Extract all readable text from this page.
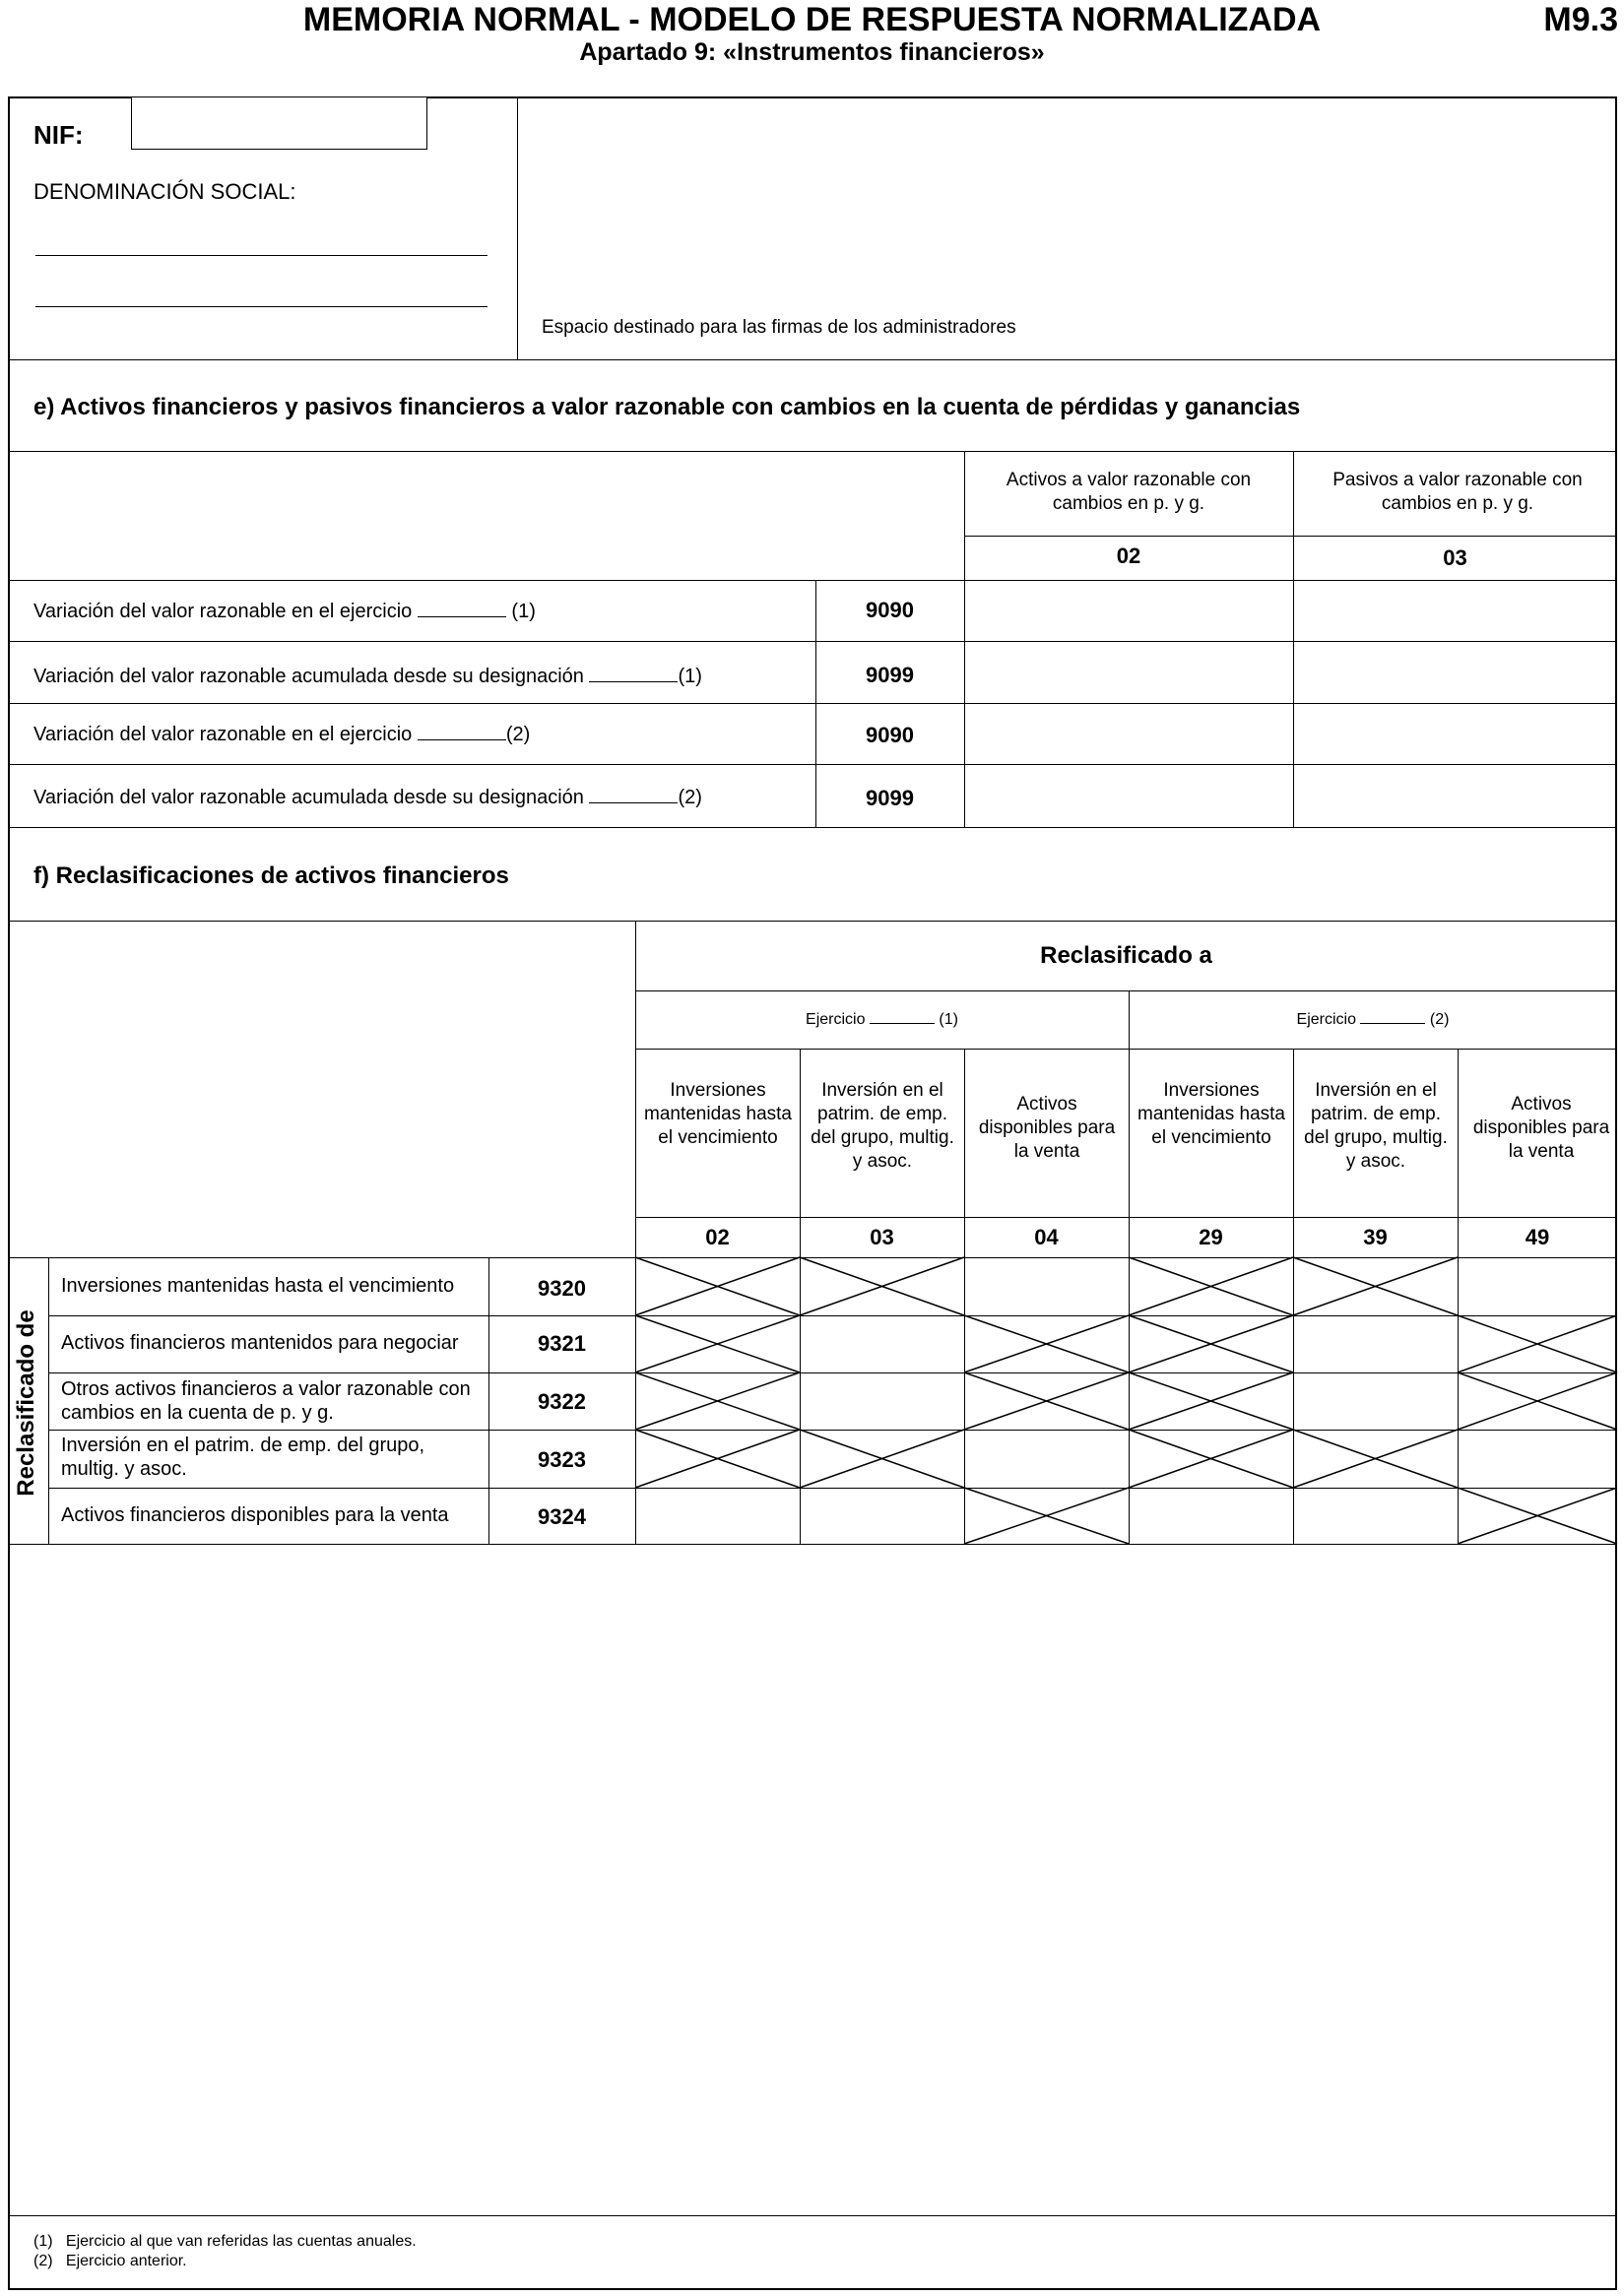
MEMORIA NORMAL - MODELO DE RESPUESTA NORMALIZADA	M9.3
Apartado 9: «Instrumentos financieros»
NIF:
DENOMINACIÓN SOCIAL:
Espacio destinado para las firmas de los administradores
e) Activos financieros y pasivos financieros a valor razonable con cambios en la cuenta de pérdidas y ganancias
Activos a valor razonable con cambios en p. y g.
Pasivos a valor razonable con cambios en p. y g.
02	03
Variación del valor razonable en el ejercicio	(1)	9090
Variación del valor razonable acumulada desde su designación	(1)	9099
Variación del valor razonable en el ejercicio	(2)	9090
Variación del valor razonable acumulada desde su designación	(2)	9099
f) Reclasificaciones de activos financieros
Reclasificado a
Ejercicio	(1)	Ejercicio	(2)
Inversiones mantenidas hasta el vencimiento
Inversión en el patrim. de emp. del grupo, multig. y asoc.
Activos disponibles para la venta
Inversiones mantenidas hasta el vencimiento
Inversión en el patrim. de emp. del grupo, multig. y asoc.
Activos disponibles para la venta
02	03	04	29	39	49
Reclasificado de
Inversiones mantenidas hasta el vencimiento	9320
Activos financieros mantenidos para negociar	9321
Otros activos financieros a valor razonable con cambios en la cuenta de p. y g.	9322
Inversión en el patrim. de emp. del grupo, multig. y asoc.	9323
Activos financieros disponibles para la venta	9324
(1) Ejercicio al que van referidas las cuentas anuales.
(2) Ejercicio anterior.
